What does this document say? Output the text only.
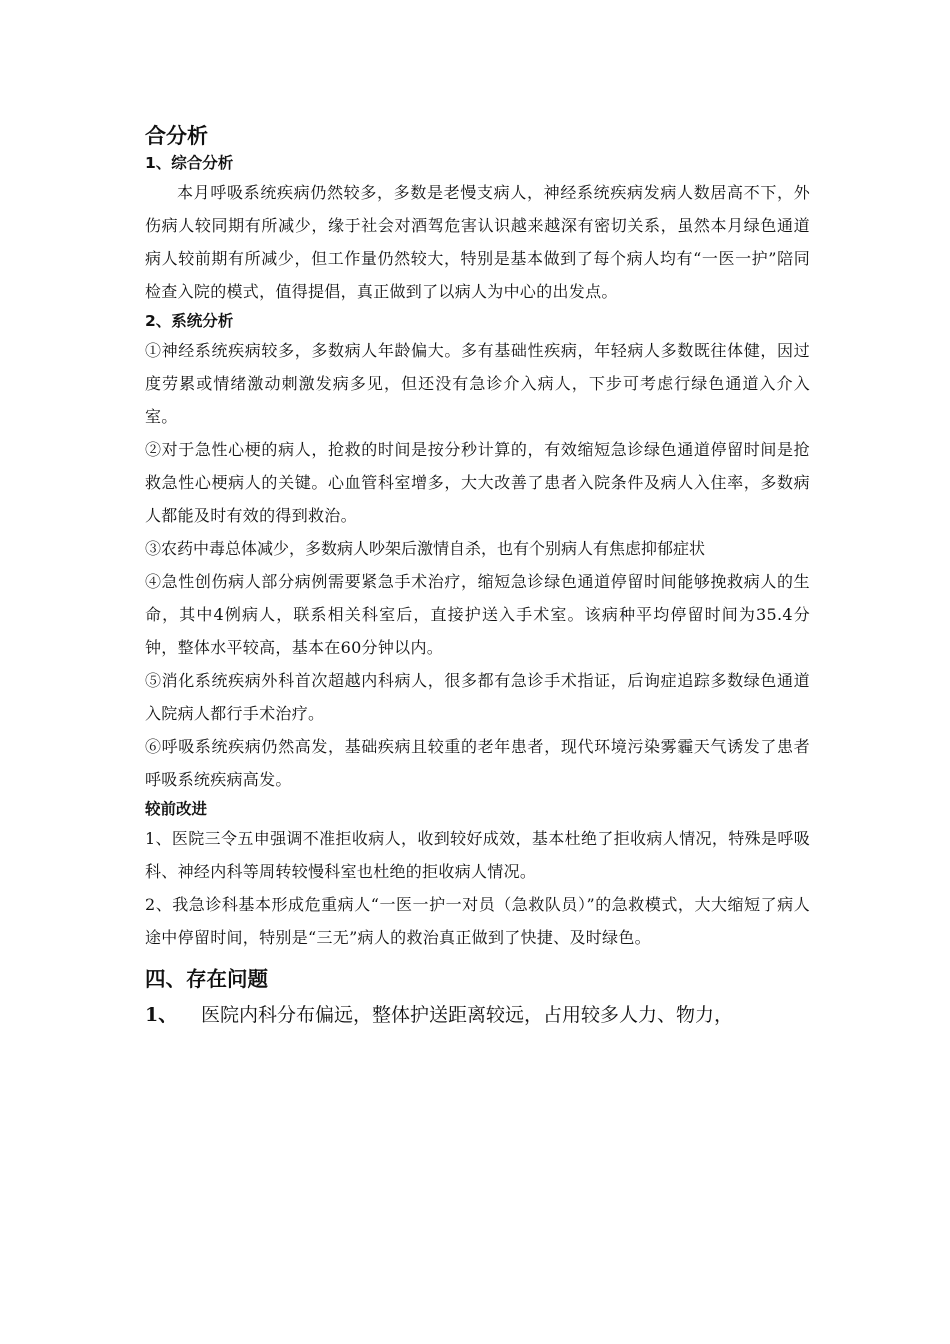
合分析

1、综合分析

本月呼吸系统疾病仍然较多，多数是老慢支病人，神经系统疾病发病人数居高不下，外伤病人较同期有所减少，缘于社会对酒驾危害认识越来越深有密切关系，虽然本月绿色通道病人较前期有所减少，但工作量仍然较大，特别是基本做到了每个病人均有“一医一护”陪同检查入院的模式，值得提倡，真正做到了以病人为中心的出发点。

2、系统分析

①神经系统疾病较多，多数病人年龄偏大。多有基础性疾病，年轻病人多数既往体健，因过度劳累或情绪激动刺激发病多见，但还没有急诊介入病人，下步可考虑行绿色通道入介入室。

②对于急性心梗的病人，抢救的时间是按分秒计算的，有效缩短急诊绿色通道停留时间是抢救急性心梗病人的关键。心血管科室增多，大大改善了患者入院条件及病人入住率，多数病人都能及时有效的得到救治。

③农药中毒总体减少，多数病人吵架后激情自杀，也有个别病人有焦虑抑郁症状

④急性创伤病人部分病例需要紧急手术治疗，缩短急诊绿色通道停留时间能够挽救病人的生命，其中4例病人，联系相关科室后，直接护送入手术室。该病种平均停留时间为35.4分钟，整体水平较高，基本在60分钟以内。

⑤消化系统疾病外科首次超越内科病人，很多都有急诊手术指证，后询症追踪多数绿色通道入院病人都行手术治疗。

⑥呼吸系统疾病仍然高发，基础疾病且较重的老年患者，现代环境污染雾霾天气诱发了患者呼吸系统疾病高发。

较前改进

1、医院三令五申强调不准拒收病人，收到较好成效，基本杜绝了拒收病人情况，特殊是呼吸科、神经内科等周转较慢科室也杜绝的拒收病人情况。

2、我急诊科基本形成危重病人“一医一护一对员（急救队员）”的急救模式，大大缩短了病人途中停留时间，特别是“三无”病人的救治真正做到了快捷、及时绿色。

四、存在问题

1、 医院内科分布偏远，整体护送距离较远，占用较多人力、物力，
